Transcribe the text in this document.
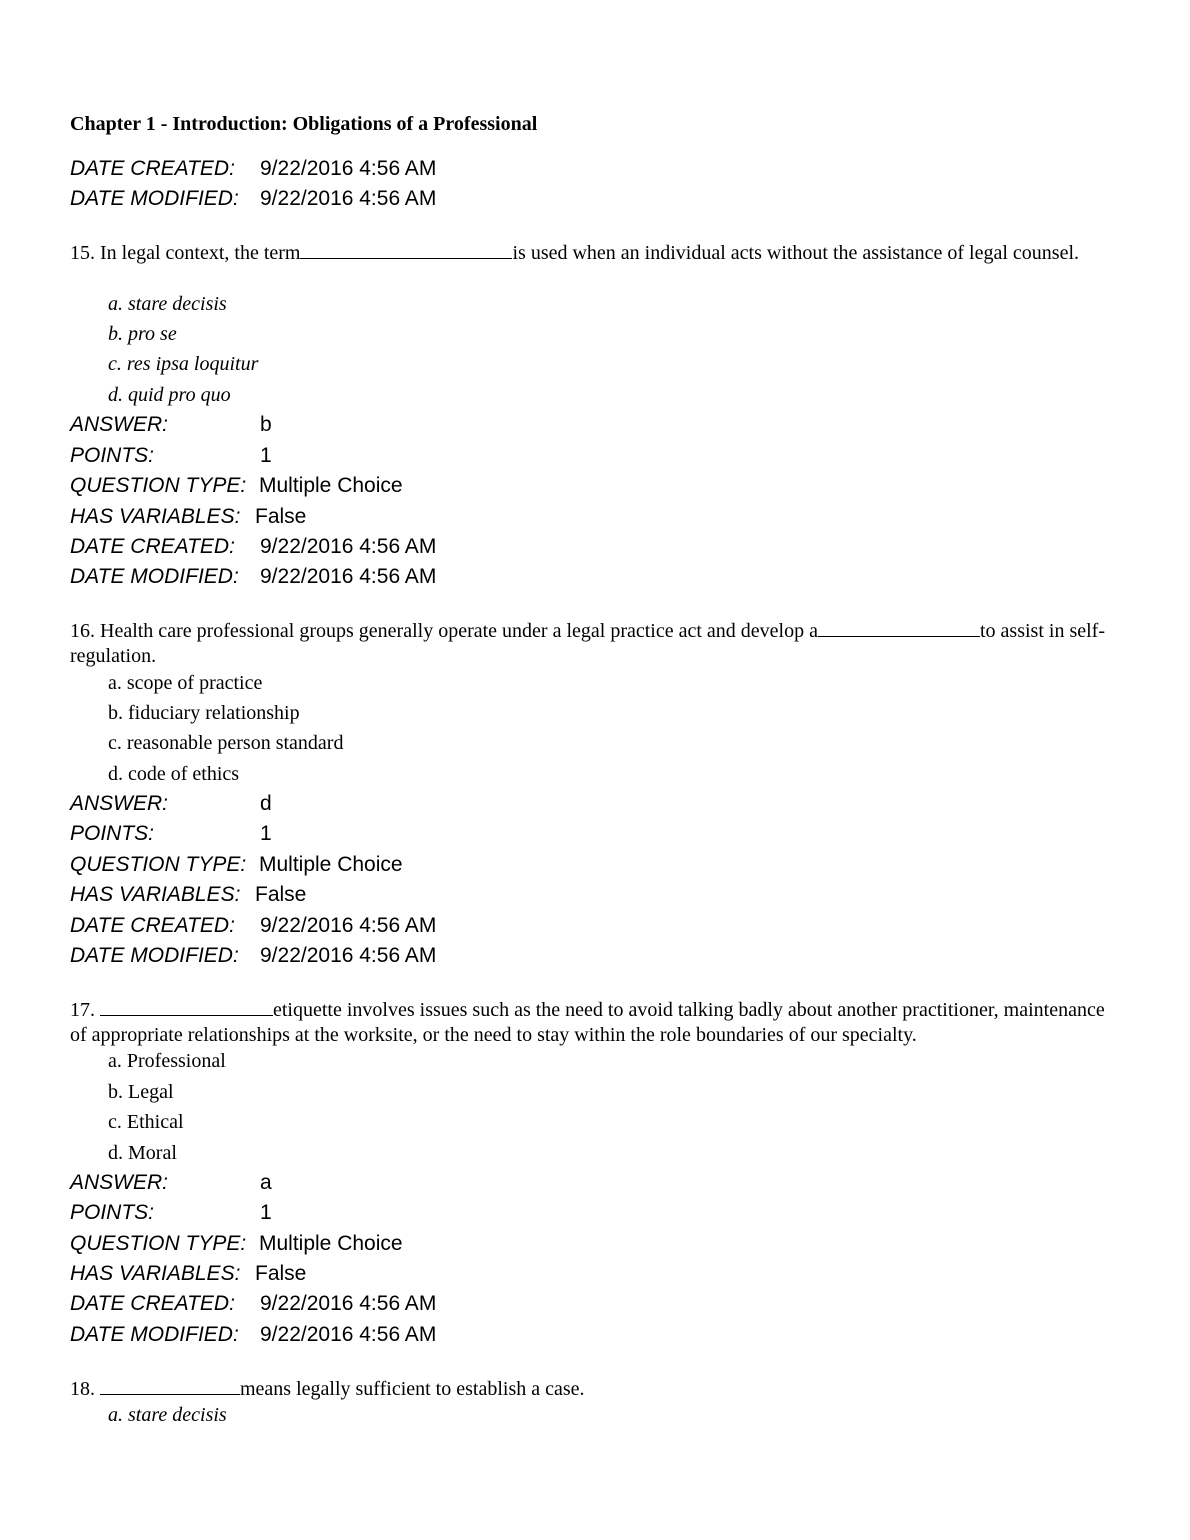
Chapter 1 - Introduction: Obligations of a Professional
DATE CREATED: 9/22/2016 4:56 AM
DATE MODIFIED: 9/22/2016 4:56 AM
15. In legal context, the term	is used when an individual acts without the assistance of legal counsel.
a. stare decisis
b. pro se
c. res ipsa loquitur
d. quid pro quo
ANSWER:	b
POINTS:	1
QUESTION TYPE: Multiple Choice
HAS VARIABLES: False
DATE CREATED: 9/22/2016 4:56 AM
DATE MODIFIED: 9/22/2016 4:56 AM
16. Health care professional groups generally operate under a legal practice act and develop a	to assist in self-regulation.
a. scope of practice
b. fiduciary relationship
c. reasonable person standard
d. code of ethics
ANSWER:	d
POINTS:	1
QUESTION TYPE: Multiple Choice
HAS VARIABLES: False
DATE CREATED: 9/22/2016 4:56 AM
DATE MODIFIED: 9/22/2016 4:56 AM
17.	etiquette involves issues such as the need to avoid talking badly about another practitioner, maintenance of appropriate relationships at the worksite, or the need to stay within the role boundaries of our specialty.
a. Professional
b. Legal
c. Ethical
d. Moral
ANSWER:	a
POINTS:	1
QUESTION TYPE: Multiple Choice
HAS VARIABLES: False
DATE CREATED: 9/22/2016 4:56 AM
DATE MODIFIED: 9/22/2016 4:56 AM
18.	means legally sufficient to establish a case.
a. stare decisis
